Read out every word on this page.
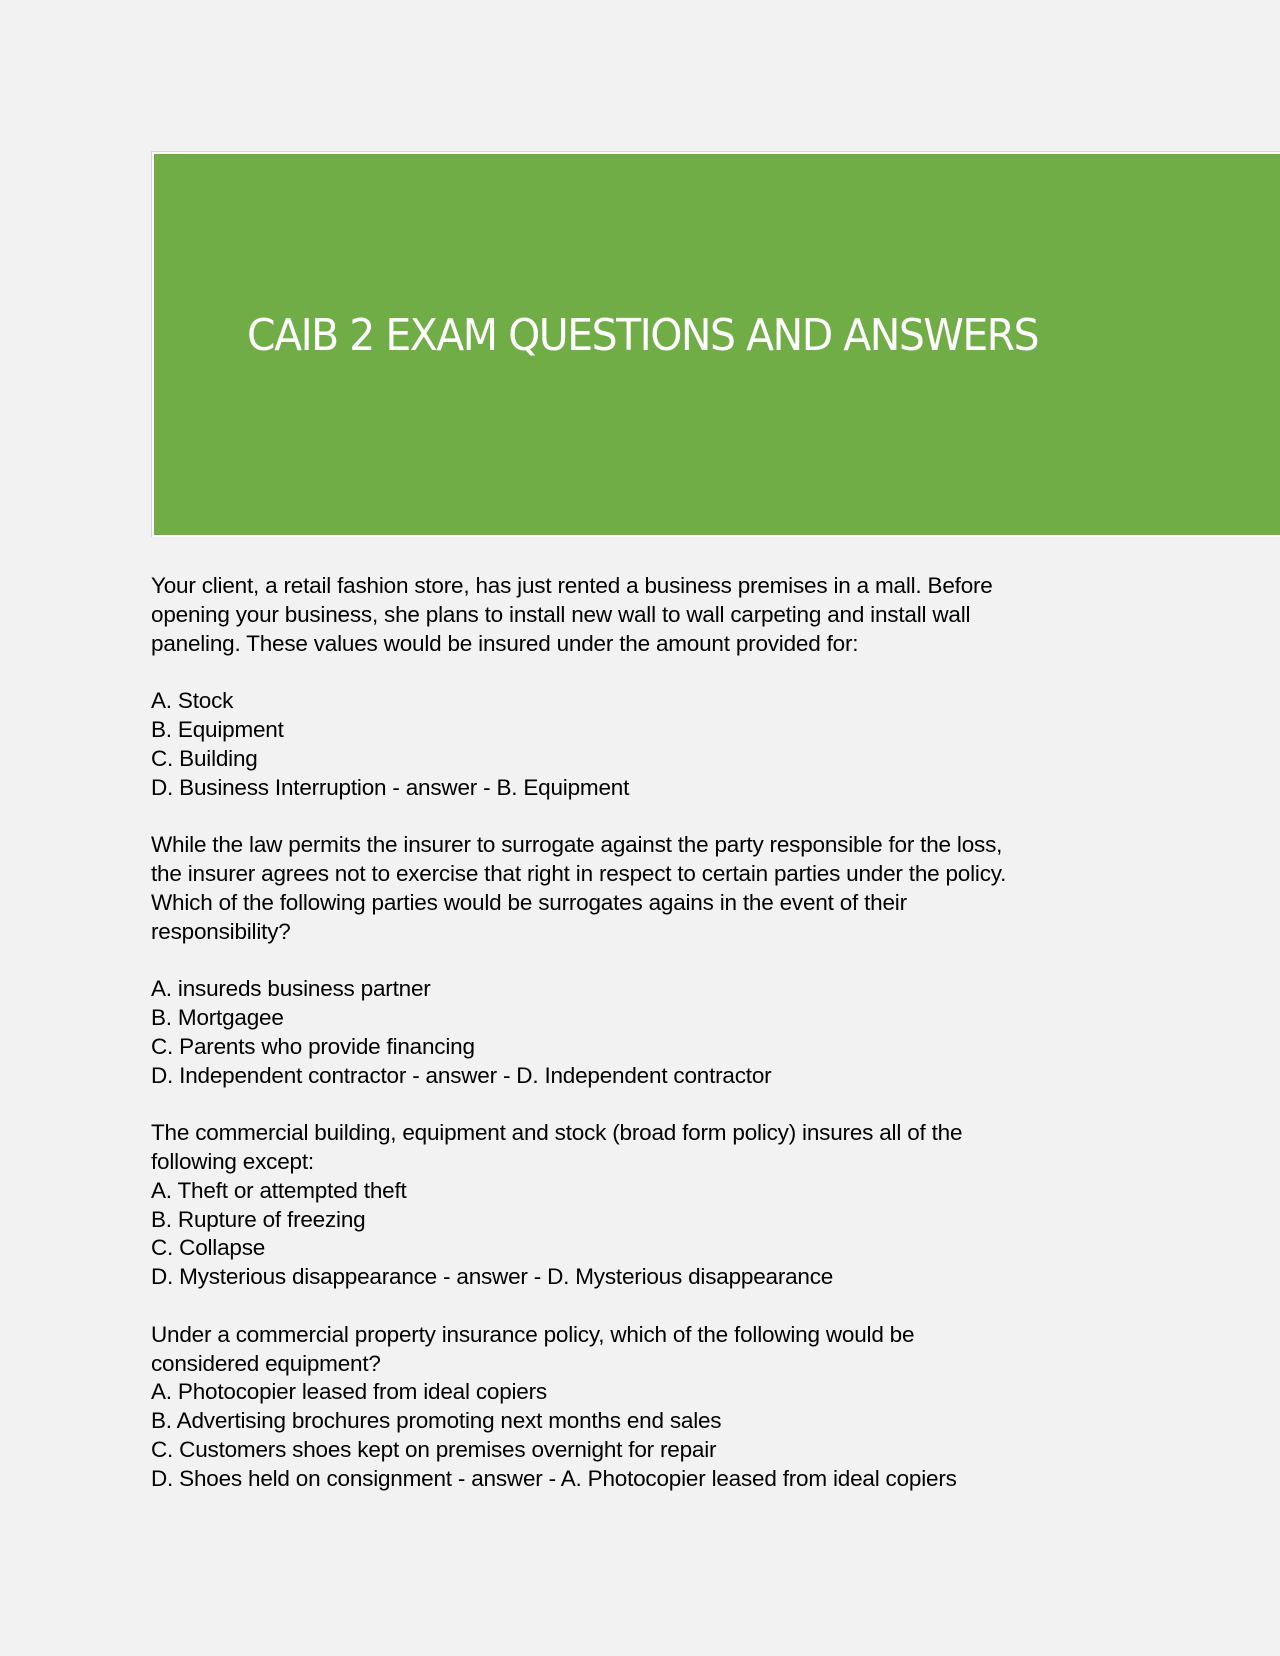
CAIB 2 EXAM QUESTIONS AND ANSWERS

Your client, a retail fashion store, has just rented a business premises in a mall. Before
opening your business, she plans to install new wall to wall carpeting and install wall
paneling. These values would be insured under the amount provided for:

A. Stock
B. Equipment
C. Building
D. Business Interruption - answer - B. Equipment

While the law permits the insurer to surrogate against the party responsible for the loss,
the insurer agrees not to exercise that right in respect to certain parties under the policy.
Which of the following parties would be surrogates agains in the event of their
responsibility?

A. insureds business partner
B. Mortgagee
C. Parents who provide financing
D. Independent contractor - answer - D. Independent contractor

The commercial building, equipment and stock (broad form policy) insures all of the
following except:

A. Theft or attempted theft
B. Rupture of freezing
C. Collapse
D. Mysterious disappearance - answer - D. Mysterious disappearance

Under a commercial property insurance policy, which of the following would be
considered equipment?

A. Photocopier leased from ideal copiers
B. Advertising brochures promoting next months end sales
C. Customers shoes kept on premises overnight for repair
D. Shoes held on consignment - answer - A. Photocopier leased from ideal copiers
